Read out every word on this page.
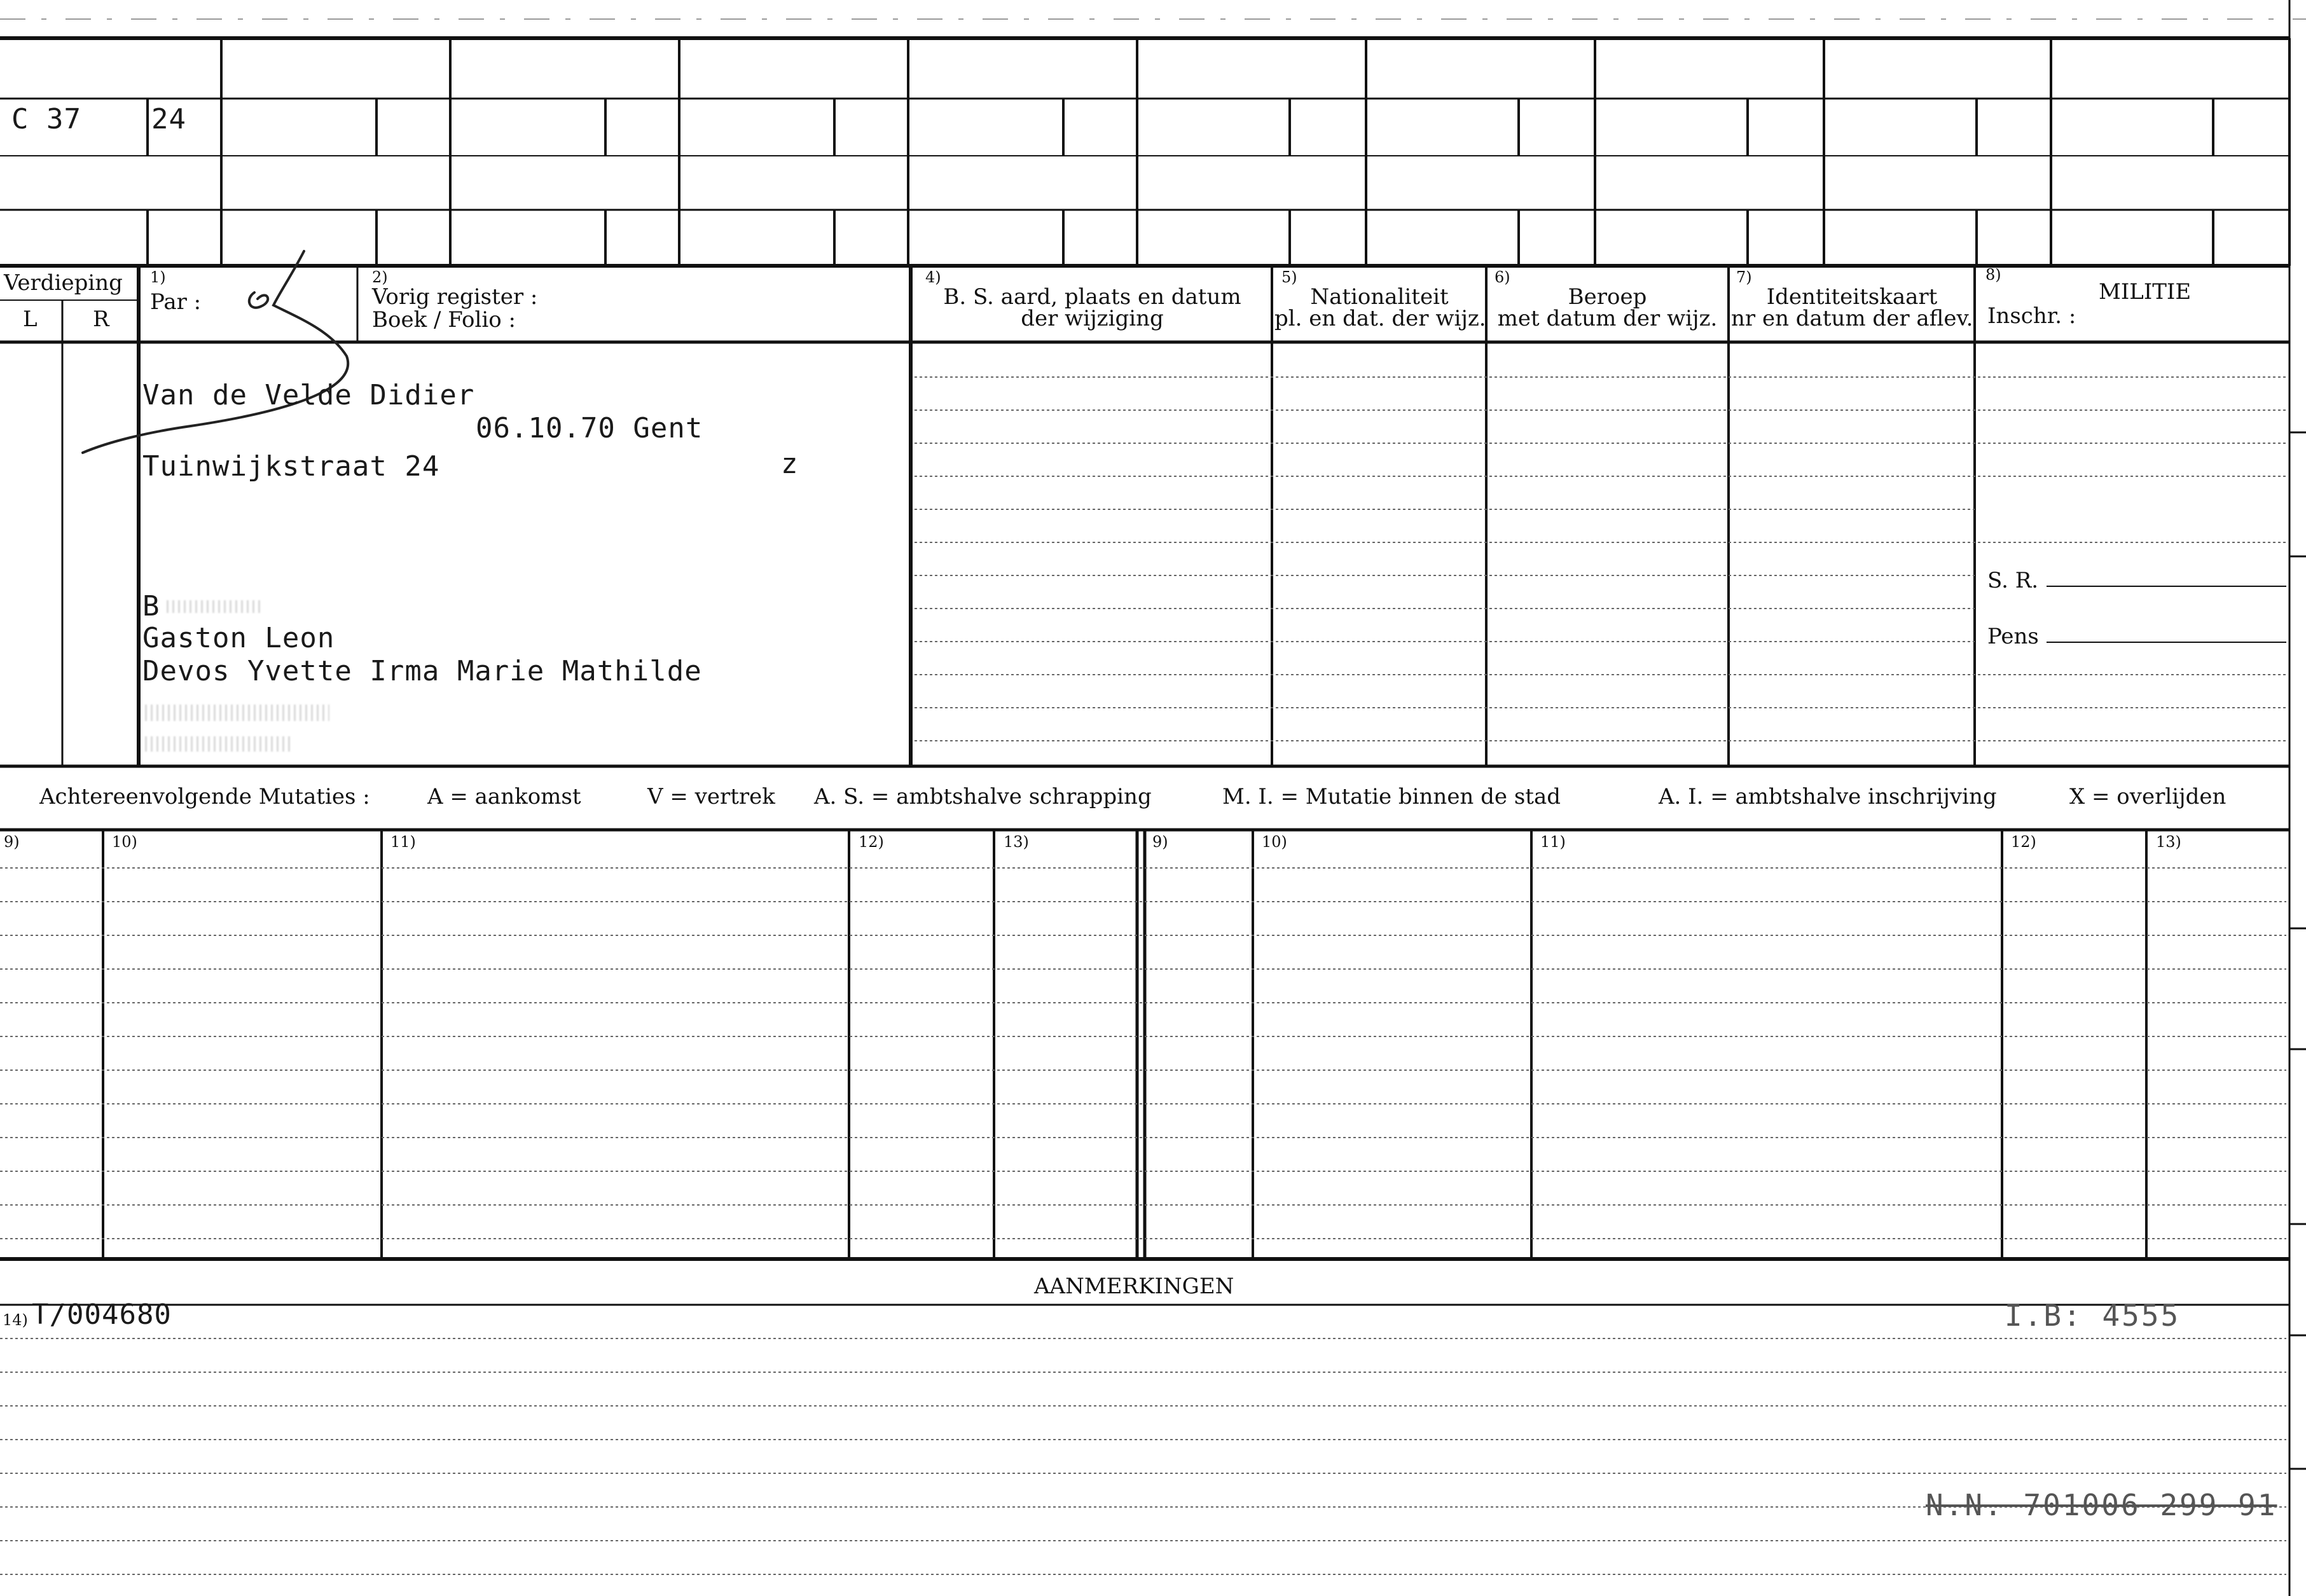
C 37	24
Verdieping
L	R
1)
Par :
2)
Vorig register :
Boek / Folio :
4)
B. S. aard, plaats en datum
der wijziging
5)
Nationaliteit
pl. en dat. der wijz.
6)
Beroep
met datum der wijz.
7)
Identiteitskaart
nr en datum der aflev.
8)
MILITIE
Inschr. :
S. R.
Pens
Van de Velde Didier
06.10.70 Gent
Tuinwijkstraat 24	z
B
Gaston Leon
Devos Yvette Irma Marie Mathilde
Achtereenvolgende Mutaties :	A = aankomst	V = vertrek A. S. = ambtshalve schrapping	M. I. = Mutatie binnen de stad	A. I. = ambtshalve inschrijving	X = overlijden
9)	10)	11)	12)	13)	9)	10)	11)	12)	13)
AANMERKINGEN
14) T/004680	I.B: 4555
N.N. 701006 299 91
